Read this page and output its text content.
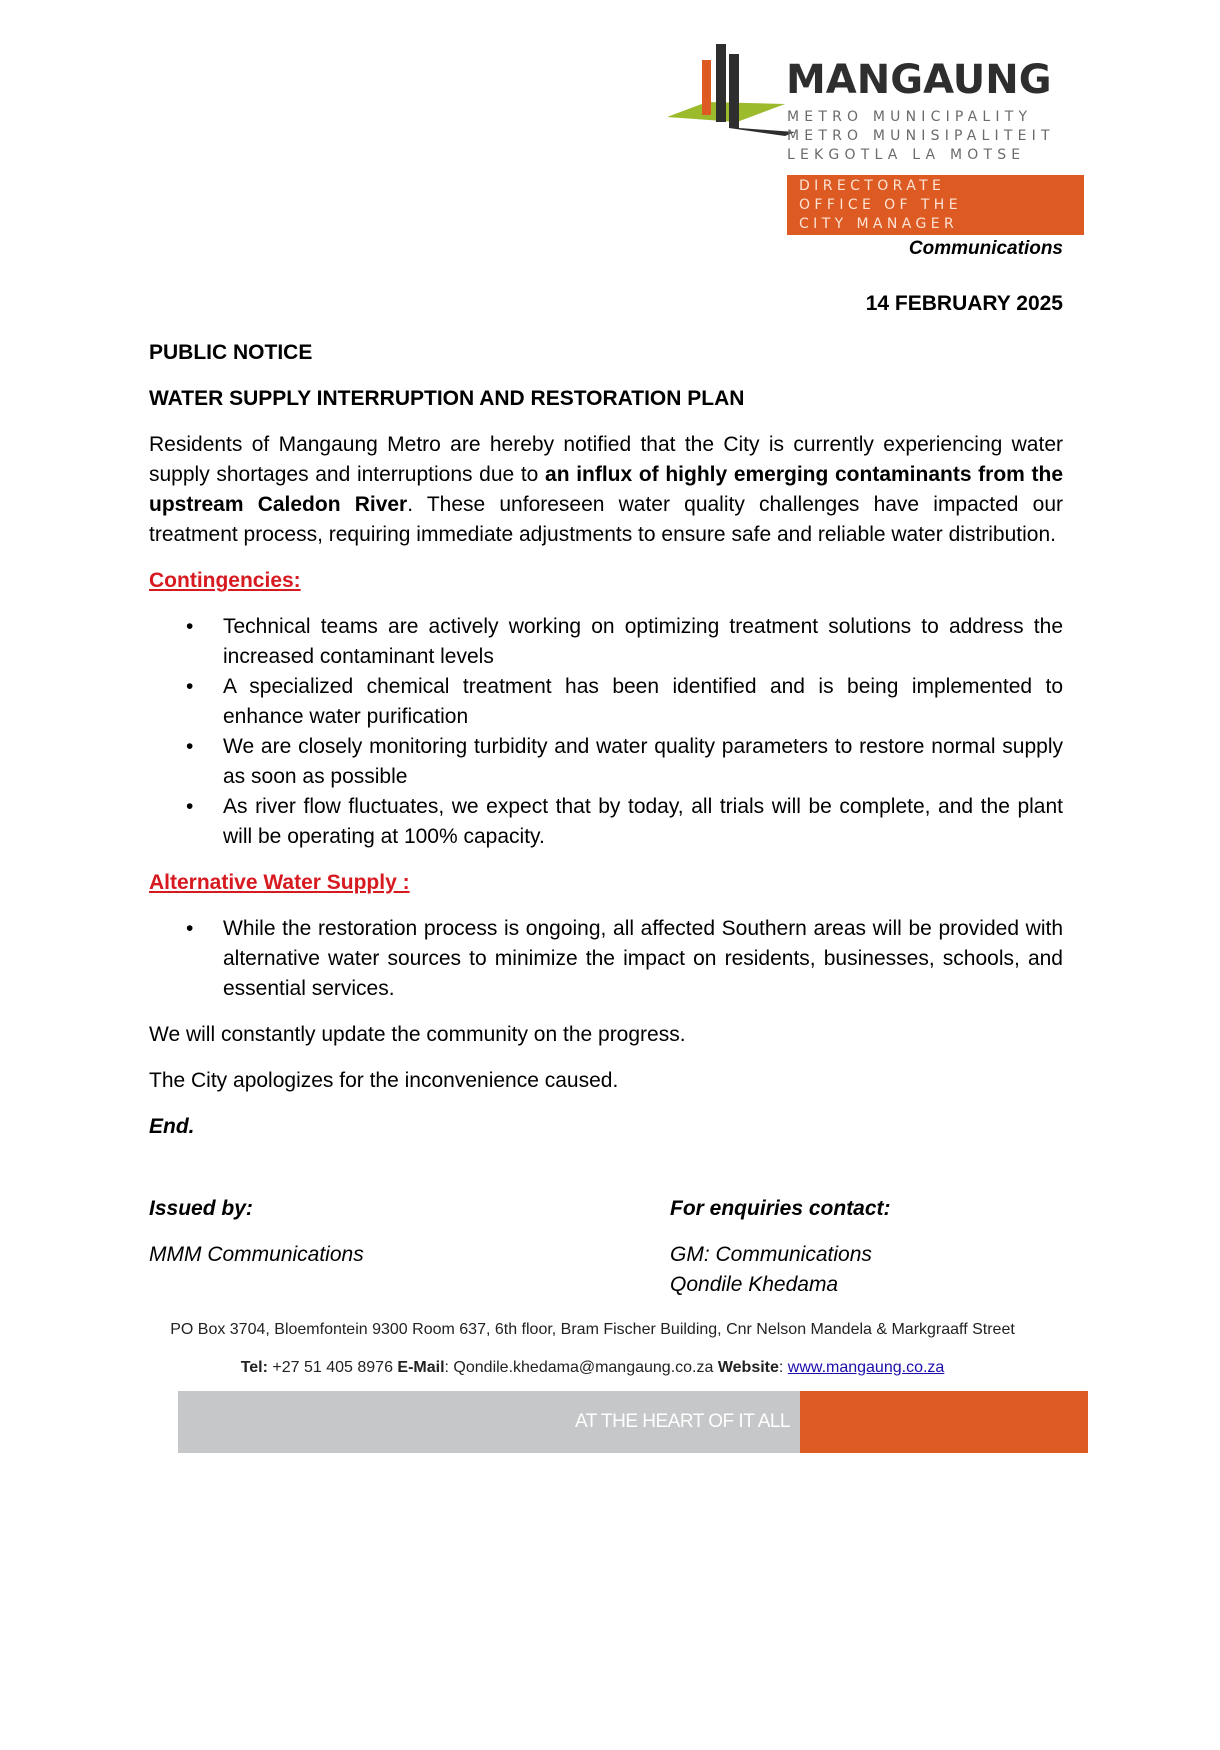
MANGAUNG
METRO MUNICIPALITY
METRO MUNISIPALITEIT
LEKGOTLA LA MOTSE
DIRECTORATE
OFFICE OF THE
CITY MANAGER
Communications
14 FEBRUARY 2025

PUBLIC NOTICE

WATER SUPPLY INTERRUPTION AND RESTORATION PLAN

Residents of Mangaung Metro are hereby notified that the City is currently experiencing water supply shortages and interruptions due to an influx of highly emerging contaminants from the upstream Caledon River. These unforeseen water quality challenges have impacted our treatment process, requiring immediate adjustments to ensure safe and reliable water distribution.

Contingencies:

• Technical teams are actively working on optimizing treatment solutions to address the increased contaminant levels
• A specialized chemical treatment has been identified and is being implemented to enhance water purification
• We are closely monitoring turbidity and water quality parameters to restore normal supply as soon as possible
• As river flow fluctuates, we expect that by today, all trials will be complete, and the plant will be operating at 100% capacity.

Alternative Water Supply :

• While the restoration process is ongoing, all affected Southern areas will be provided with alternative water sources to minimize the impact on residents, businesses, schools, and essential services.

We will constantly update the community on the progress.

The City apologizes for the inconvenience caused.

End.

Issued by:
MMM Communications
For enquiries contact:
GM: Communications
Qondile Khedama
PO Box 3704, Bloemfontein 9300 Room 637, 6th floor, Bram Fischer Building, Cnr Nelson Mandela & Markgraaff Street
Tel: +27 51 405 8976 E-Mail: Qondile.khedama@mangaung.co.za Website: www.mangaung.co.za
AT THE HEART OF IT ALL
